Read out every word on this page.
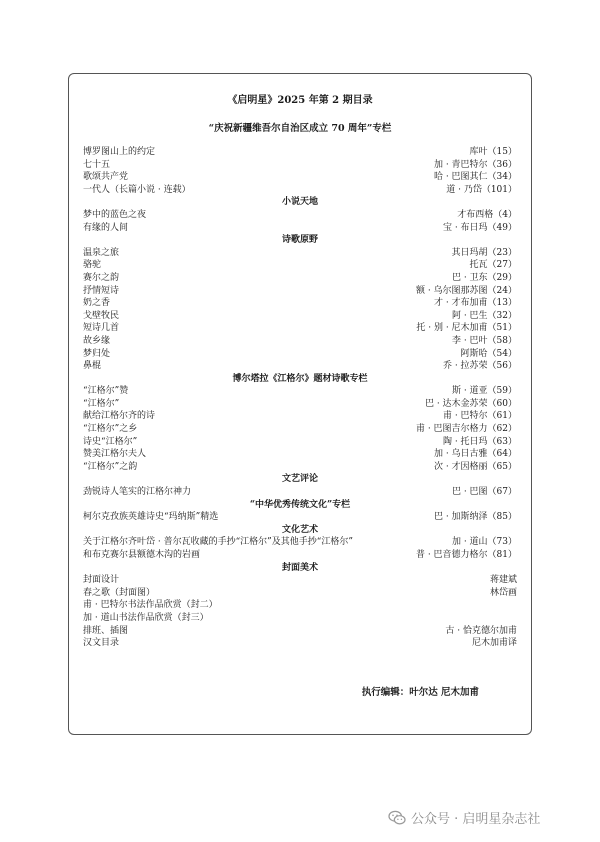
《启明星》2025 年第 2 期目录
“庆祝新疆维吾尔自治区成立 70 周年”专栏
博罗图山上的约定	库叶（15）
七十五	加 · 青巴特尔（36）
歌颂共产党	哈 · 巴图其仁（34）
一代人（长篇小说 · 连载）	道 · 乃岱（101）
小说天地
梦中的蓝色之夜	才布西格（4）
有缘的人间	宝 · 布日玛（49）
诗歌原野
温泉之旅	其日玛胡（23）
骆驼	托瓦（27）
赛尔之韵	巴 · 卫东（29）
抒情短诗	额 · 乌尔图那苏图（24）
奶之香	才 · 才布加甫（13）
戈壁牧民	阿 · 巴生（32）
短诗几首	托 · 别 · 尼木加甫（51）
故乡缘	李 · 巴叶（58）
梦归处	阿斯哈（54）
鼻棍	乔 · 拉苏荣（56）
博尔塔拉《江格尔》题材诗歌专栏
“江格尔”赞	斯 · 道亚（59）
“江格尔”	巴 · 达木金苏荣（60）
献给江格尔齐的诗	甫 · 巴特尔（61）
“江格尔”之乡	甫 · 巴图吉尔格力（62）
诗史“江格尔”	陶 · 托日玛（63）
赞美江格尔夫人	加 · 乌日古雅（64）
“江格尔”之韵	次 · 才因格丽（65）
文艺评论
劲锐诗人笔实的江格尔神力	巴 · 巴图（67）
“中华优秀传统文化”专栏
柯尔克孜族英雄诗史“玛纳斯”精选	巴 · 加斯纳泽（85）
文化艺术
关于江格尔齐叶岱 · 普尔瓦收藏的手抄“江格尔”及其他手抄“江格尔”	加 · 道山（73）
和布克赛尔县额德木沟的岩画	普 · 巴音德力格尔（81）
封面美术
封面设计	蒋建斌
春之歌（封面图）	林岱画
甫 · 巴特尔书法作品欣赏（封二）
加 · 道山书法作品欣赏（封三）
排班、插图	古 · 恰克德尔加甫
汉文目录	尼木加甫译
执行编辑：叶尔达 尼木加甫
公众号 · 启明星杂志社
